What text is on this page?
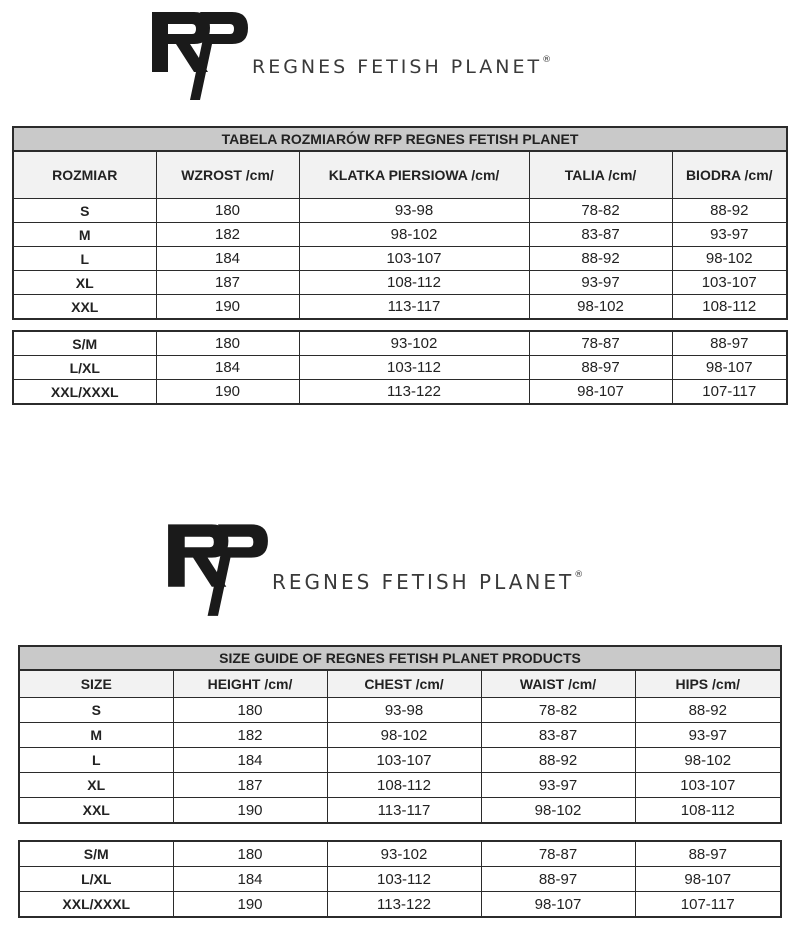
REGNES FETISH PLANET®
TABELA ROZMIARÓW RFP REGNES FETISH PLANET				
ROZMIAR	WZROST /cm/	KLATKA PIERSIOWA /cm/	TALIA /cm/	BIODRA /cm/
S	180	93-98	78-82	88-92
M	182	98-102	83-87	93-97
L	184	103-107	88-92	98-102
XL	187	108-112	93-97	103-107
XXL	190	113-117	98-102	108-112
S/M	180	93-102	78-87	88-97
L/XL	184	103-112	88-97	98-107
XXL/XXXL	190	113-122	98-107	107-117
REGNES FETISH PLANET®
SIZE GUIDE OF REGNES FETISH PLANET PRODUCTS				
SIZE	HEIGHT /cm/	CHEST /cm/	WAIST /cm/	HIPS /cm/
S	180	93-98	78-82	88-92
M	182	98-102	83-87	93-97
L	184	103-107	88-92	98-102
XL	187	108-112	93-97	103-107
XXL	190	113-117	98-102	108-112
S/M	180	93-102	78-87	88-97
L/XL	184	103-112	88-97	98-107
XXL/XXXL	190	113-122	98-107	107-117
